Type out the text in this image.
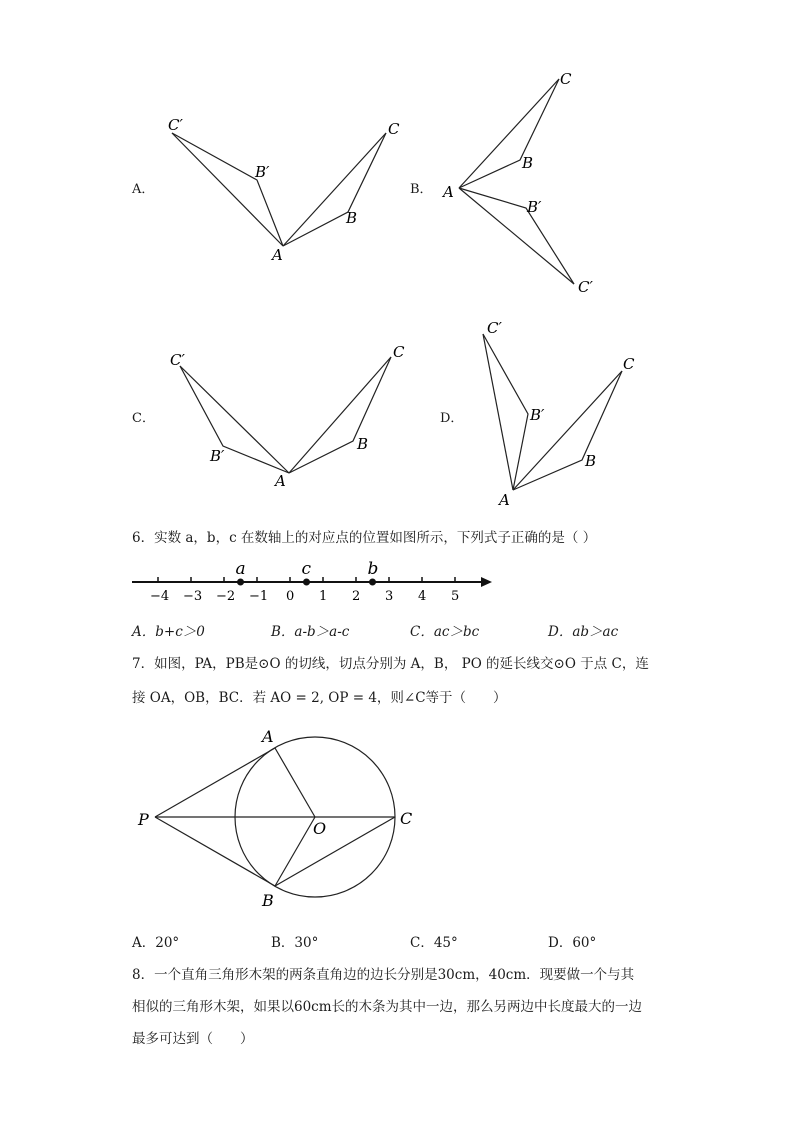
A．
C′
B′
C
B
A
B．
C
B
A
B′
C′
C．
C′	C
B′
B
A
D．
C′
C
B′
B
A
6．实数 a，b，c 在数轴上的对应点的位置如图所示，下列式子正确的是（ ）
−4 −3 −2 −1 0 1 2 3 4 5
a	c	b
A．b+c＞0	B．a-b＞a-c	C．ac＞bc	D．ab＞ac
7．如图，PA，PB是⊙O 的切线，切点分别为 A，B， PO 的延长线交⊙O 于点 C，连
接 OA，OB，BC．若 AO = 2, OP = 4，则∠C等于（　　）
A
B
P	O
C
A．20°	B．30°	C．45°	D．60°
8．一个直角三角形木架的两条直角边的边长分别是30cm，40cm．现要做一个与其
相似的三角形木架，如果以60cm长的木条为其中一边，那么另两边中长度最大的一边
最多可达到（　　）
